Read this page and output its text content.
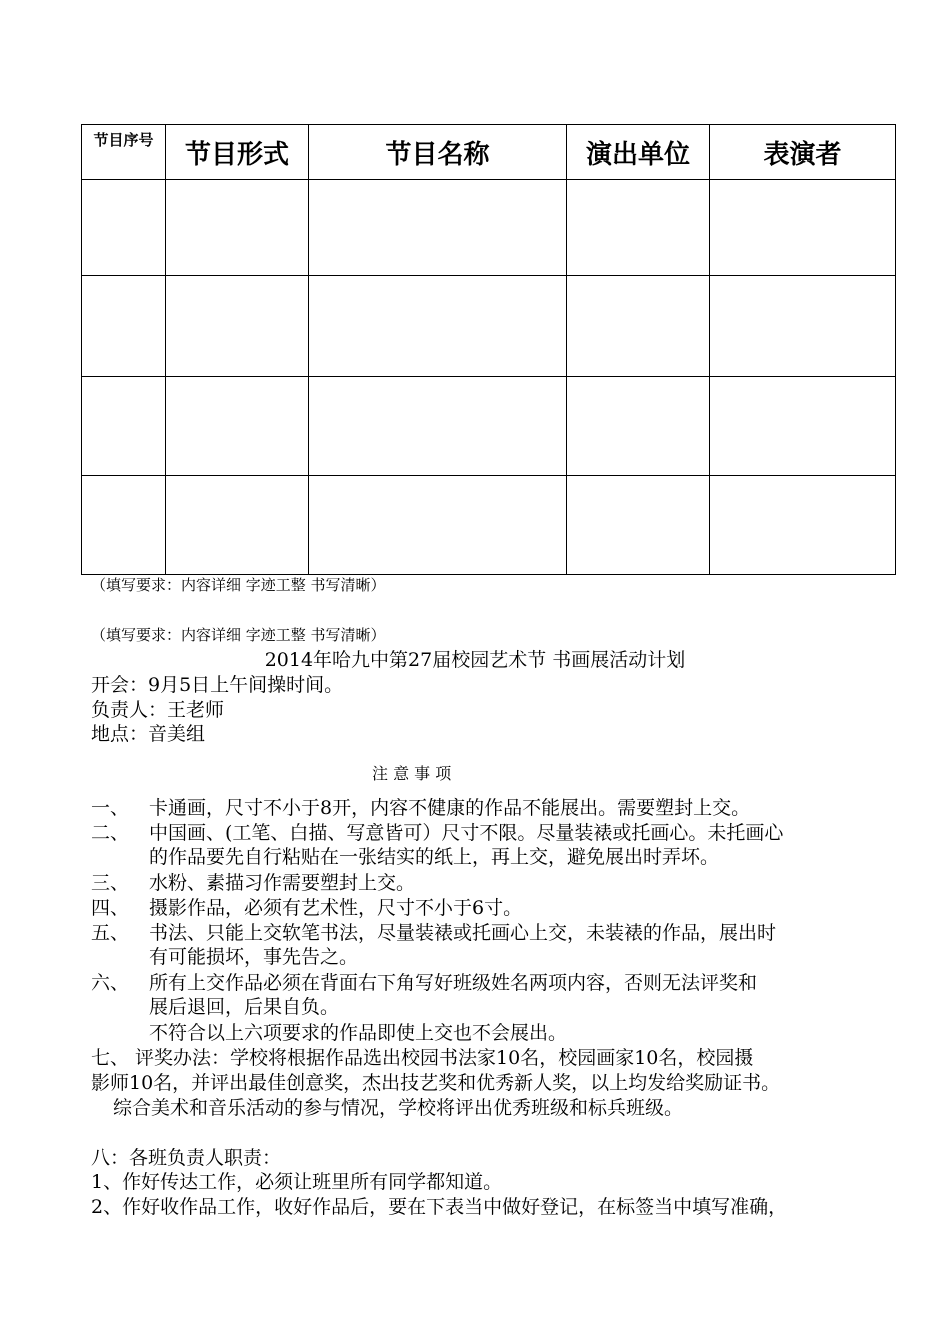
节目序号	节目形式	节目名称	演出单位	表演者

（填写要求：内容详细 字迹工整 书写清晰）
（填写要求：内容详细 字迹工整 书写清晰）
2014年哈九中第27届校园艺术节 书画展活动计划
开会：9月5日上午间操时间。
负责人：王老师
地点：音美组
注 意 事 项
一、 卡通画，尺寸不小于8开，内容不健康的作品不能展出。需要塑封上交。
二、 中国画、(工笔、白描、写意皆可）尺寸不限。尽量装裱或托画心。未托画心
的作品要先自行粘贴在一张结实的纸上，再上交，避免展出时弄坏。
三、 水粉、素描习作需要塑封上交。
四、 摄影作品，必须有艺术性，尺寸不小于6寸。
五、 书法、只能上交软笔书法，尽量装裱或托画心上交，未装裱的作品，展出时
有可能损坏，事先告之。
六、 所有上交作品必须在背面右下角写好班级姓名两项内容，否则无法评奖和
展后退回，后果自负。
不符合以上六项要求的作品即使上交也不会展出。
七、 评奖办法：学校将根据作品选出校园书法家10名，校园画家10名，校园摄
影师10名，并评出最佳创意奖，杰出技艺奖和优秀新人奖，以上均发给奖励证书。
综合美术和音乐活动的参与情况，学校将评出优秀班级和标兵班级。
八：各班负责人职责：
1、作好传达工作，必须让班里所有同学都知道。
2、作好收作品工作，收好作品后，要在下表当中做好登记，在标签当中填写准确，
